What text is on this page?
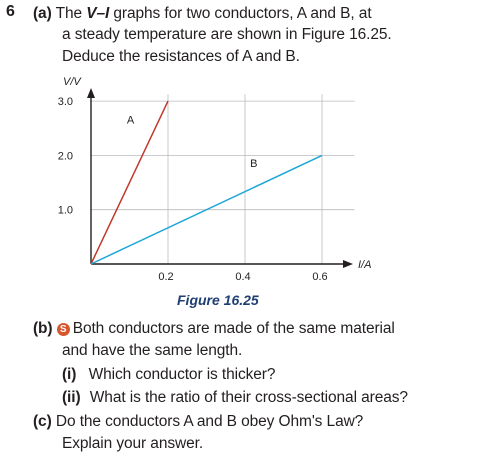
6 (a) The V–I graphs for two conductors, A and B, at
a steady temperature are shown in Figure 16.25.
Deduce the resistances of A and B.
1.0
2.0
3.0
0.2	0.4	0.6
A
B
V/V
I/A
Figure 16.25
(b) S Both conductors are made of the same material
and have the same length.
(i) Which conductor is thicker?
(ii) What is the ratio of their cross-sectional areas?
(c) Do the conductors A and B obey Ohm's Law?
Explain your answer.
